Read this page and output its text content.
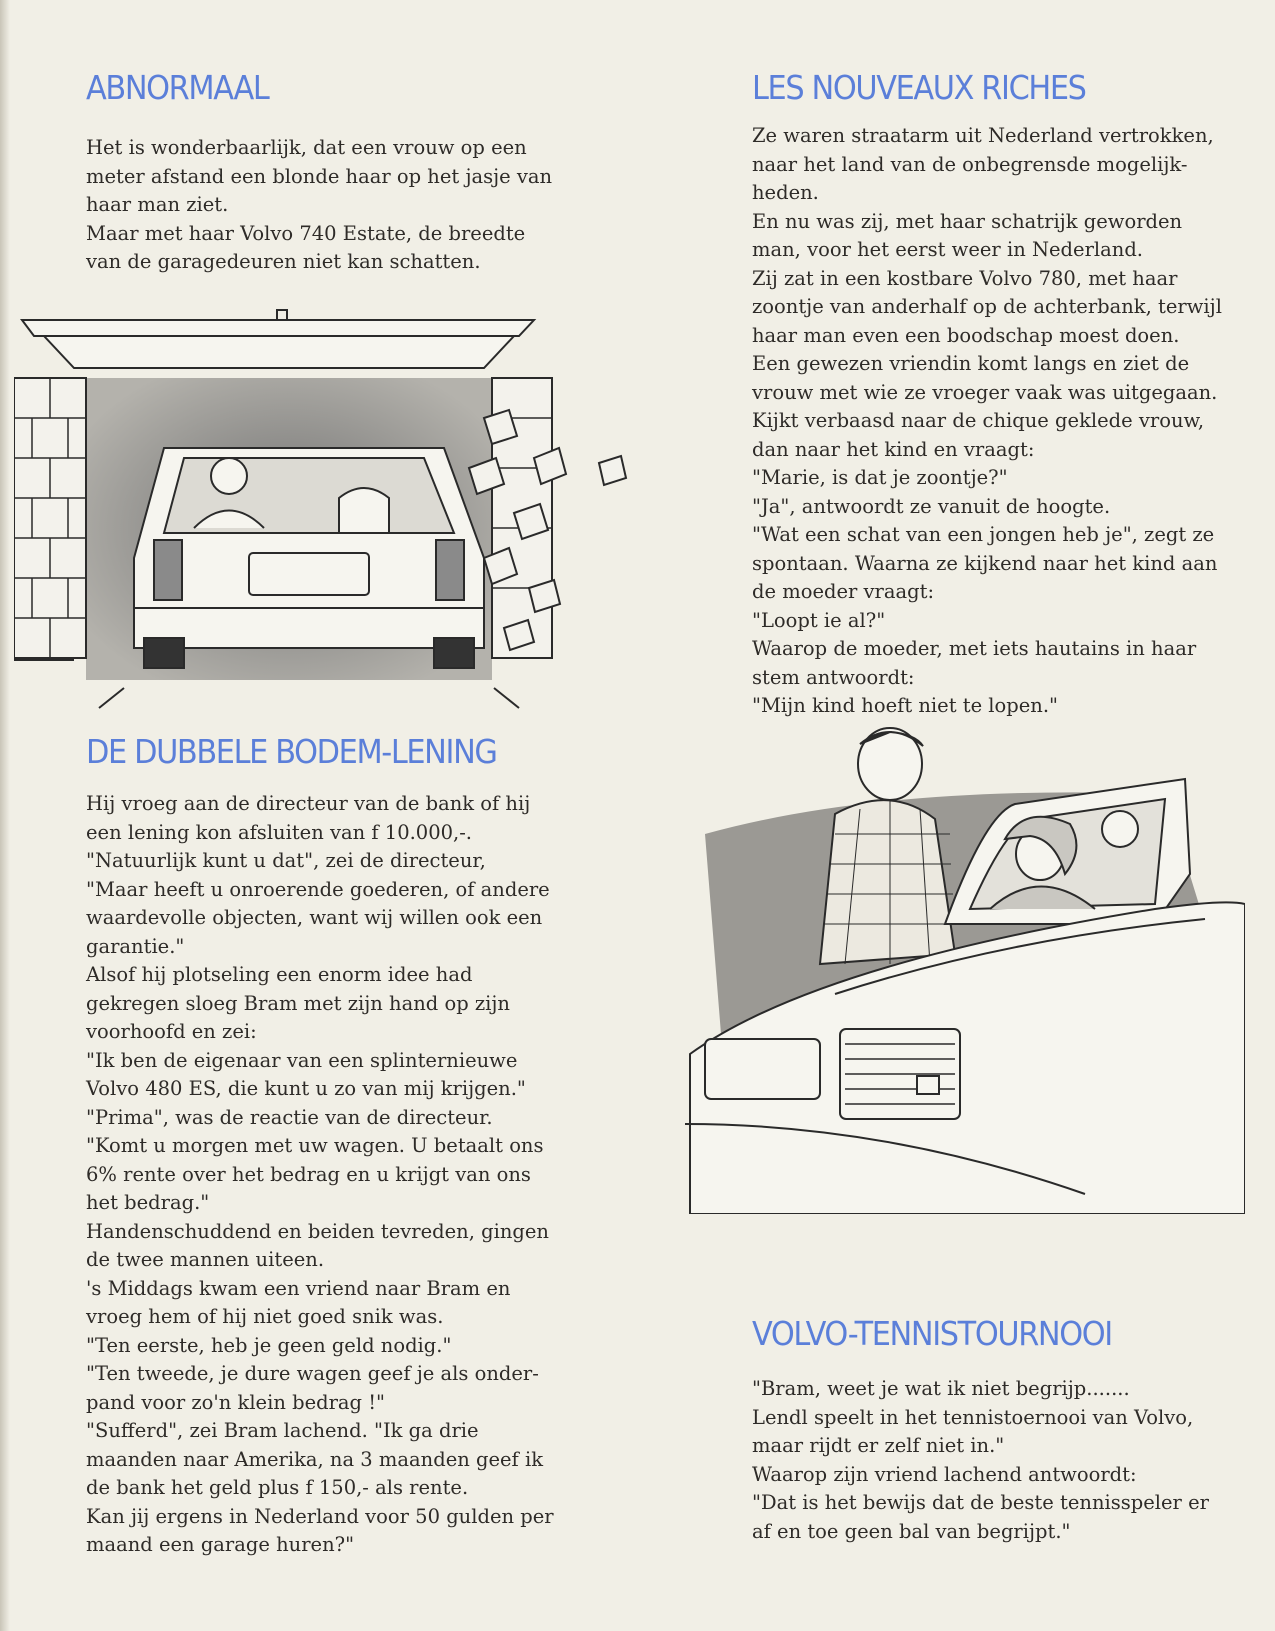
ABNORMAAL

Het is wonderbaarlijk, dat een vrouw op een
meter afstand een blonde haar op het jasje van
haar man ziet.
Maar met haar Volvo 740 Estate, de breedte
van de garagedeuren niet kan schatten.

DE DUBBELE BODEM-LENING

Hij vroeg aan de directeur van de bank of hij
een lening kon afsluiten van f 10.000,-.
"Natuurlijk kunt u dat", zei de directeur,
"Maar heeft u onroerende goederen, of andere
waardevolle objecten, want wij willen ook een
garantie."
Alsof hij plotseling een enorm idee had
gekregen sloeg Bram met zijn hand op zijn
voorhoofd en zei:
"Ik ben de eigenaar van een splinternieuwe
Volvo 480 ES, die kunt u zo van mij krijgen."
"Prima", was de reactie van de directeur.
"Komt u morgen met uw wagen. U betaalt ons
6% rente over het bedrag en u krijgt van ons
het bedrag."
Handenschuddend en beiden tevreden, gingen
de twee mannen uiteen.
's Middags kwam een vriend naar Bram en
vroeg hem of hij niet goed snik was.
"Ten eerste, heb je geen geld nodig."
"Ten tweede, je dure wagen geef je als onder-
pand voor zo'n klein bedrag !"
"Sufferd", zei Bram lachend. "Ik ga drie
maanden naar Amerika, na 3 maanden geef ik
de bank het geld plus f 150,- als rente.
Kan jij ergens in Nederland voor 50 gulden per
maand een garage huren?"

LES NOUVEAUX RICHES

Ze waren straatarm uit Nederland vertrokken,
naar het land van de onbegrensde mogelijk-
heden.
En nu was zij, met haar schatrijk geworden
man, voor het eerst weer in Nederland.
Zij zat in een kostbare Volvo 780, met haar
zoontje van anderhalf op de achterbank, terwijl
haar man even een boodschap moest doen.
Een gewezen vriendin komt langs en ziet de
vrouw met wie ze vroeger vaak was uitgegaan.
Kijkt verbaasd naar de chique geklede vrouw,
dan naar het kind en vraagt:
"Marie, is dat je zoontje?"
"Ja", antwoordt ze vanuit de hoogte.
"Wat een schat van een jongen heb je", zegt ze
spontaan. Waarna ze kijkend naar het kind aan
de moeder vraagt:
"Loopt ie al?"
Waarop de moeder, met iets hautains in haar
stem antwoordt:
"Mijn kind hoeft niet te lopen."

VOLVO-TENNISTOURNOOI

"Bram, weet je wat ik niet begrijp.......
Lendl speelt in het tennistoernooi van Volvo,
maar rijdt er zelf niet in."
Waarop zijn vriend lachend antwoordt:
"Dat is het bewijs dat de beste tennisspeler er
af en toe geen bal van begrijpt."
